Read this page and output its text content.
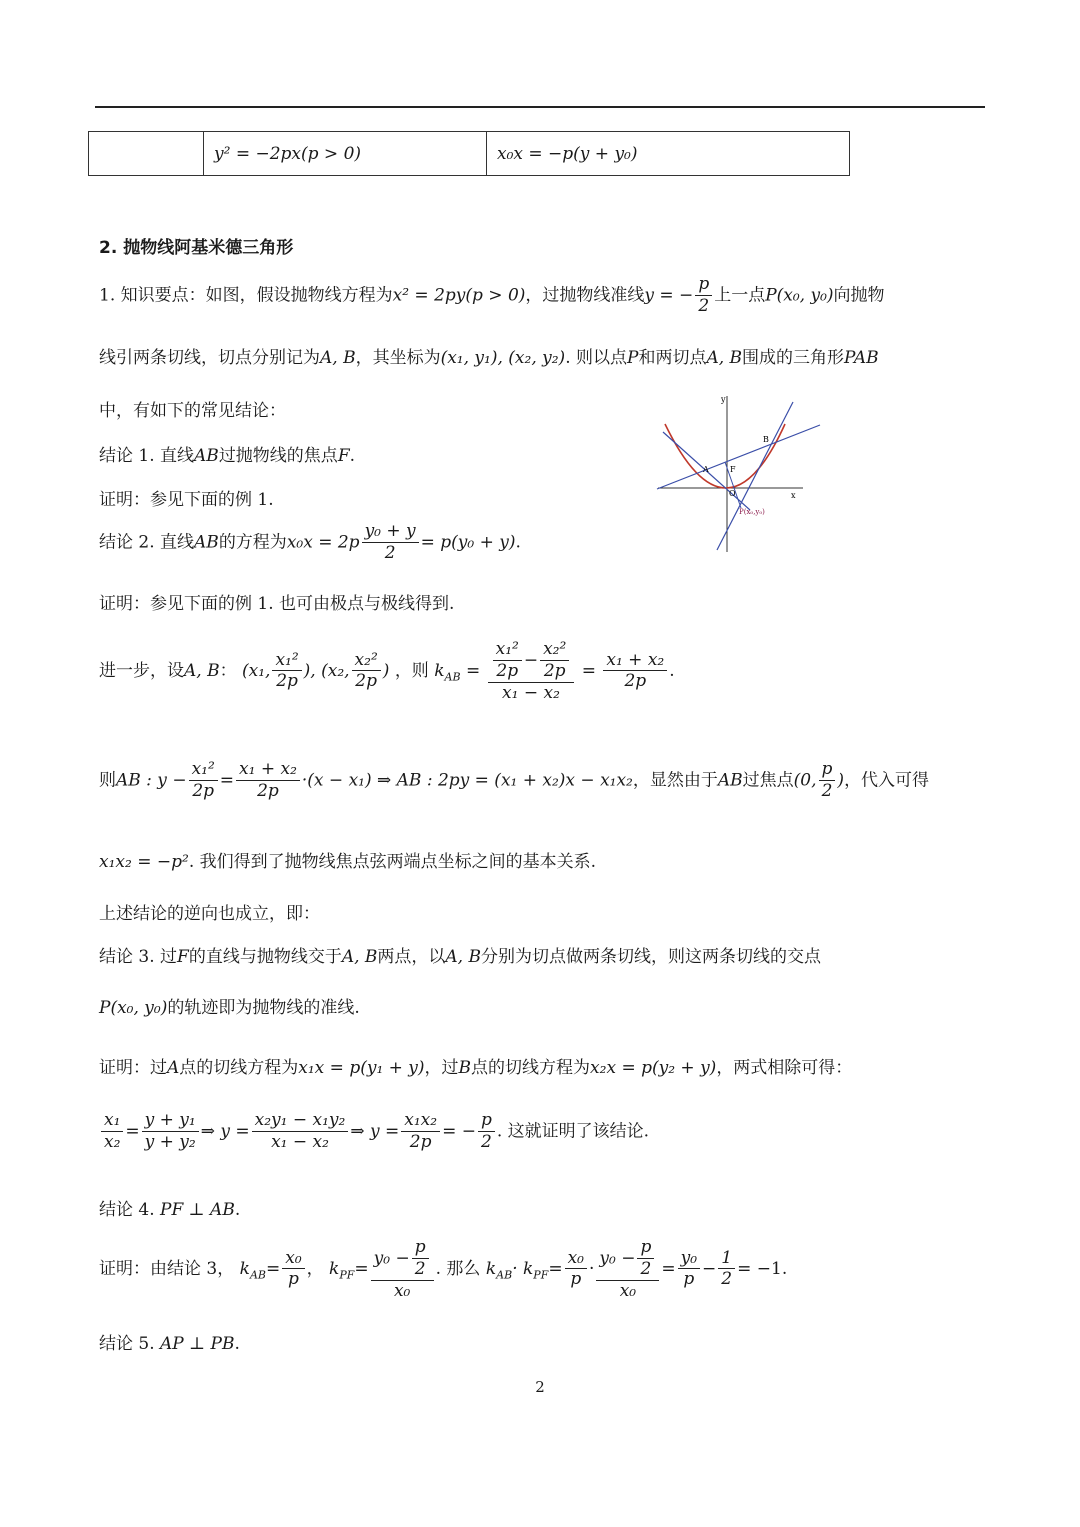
	y² = −2px(p > 0)	x₀x = −p(y + y₀)
2. 抛物线阿基米德三角形
1. 知识要点：如图，假设抛物线方程为x² = 2py(p > 0)，过抛物线准线y = − $\frac{p}{2}$ 上一点P(x₀, y₀)向抛物
线引两条切线，切点分别记为A, B，其坐标为(x₁, y₁), (x₂, y₂). 则以点P和两切点A, B围成的三角形PAB
中，有如下的常见结论：
结论 1. 直线AB过抛物线的焦点F.
证明：参见下面的例 1.
结论 2. 直线AB的方程为$x_0x = 2p \frac{\text{y₀ + y}}{2} = p(y_0 + y)$.
证明：参见下面的例 1. 也可由极点与极线得到.
进一步，设A, B： (x₁, $\frac{\text{x₁²}}{2p}$ ), (x₂, $\frac{\text{x₂²}}{2p}$ ) ，则 $k_{AB} = \frac{\frac{\text{x₁²}}{2p} - \frac{\text{x₂²}}{2p}}{\text{x₁ − x₂}} = \frac{\text{x₁ + x₂}}{2p}$ .
则AB : $y - \frac{\text{x₁²}}{2p} = \frac{\text{x₁ + x₂}}{2p} \cdot(x - x_1)$ ⇒ AB : 2py = (x₁ + x₂)x − x₁x₂，显然由于AB过焦点(0, $\frac{p}{2}$ )，代入可得
x₁x₂ = −p². 我们得到了抛物线焦点弦两端点坐标之间的基本关系.
上述结论的逆向也成立，即：
结论 3. 过F的直线与抛物线交于A, B两点，以A, B分别为切点做两条切线，则这两条切线的交点
P(x₀, y₀)的轨迹即为抛物线的准线.
证明：过A点的切线方程为x₁x = p(y₁ + y)，过B点的切线方程为x₂x = p(y₂ + y)，两式相除可得：
$\frac{\text{x₁}}{\text{x₂}} = \frac{\text{y + y₁}}{\text{y + y₂}}$ ⇒ $y = \frac{\text{x₂y₁ − x₁y₂}}{\text{x₁ − x₂}}$ ⇒ $y = \frac{\text{x₁x₂}}{2p}$ = − $\frac{p}{2}$ . 这就证明了该结论.
结论 4. PF ⊥ AB.
证明：由结论 3， $k_{AB}= \frac{\text{x₀}}{p}$ ， $k_{PF}= \frac{y_0 - \frac{p}{2}}{\text{x₀}}$ . 那么 $k_{AB}\cdot k_{PF}= \frac{\text{x₀}}{p} \cdot \frac{y_0 - \frac{p}{2}}{\text{x₀}} = \frac{\text{y₀}}{p} - \frac{1}{2} = -1$.
结论 5. AP ⊥ PB.
y
x
A
B
F
O
P(x₀,y₀)
2
